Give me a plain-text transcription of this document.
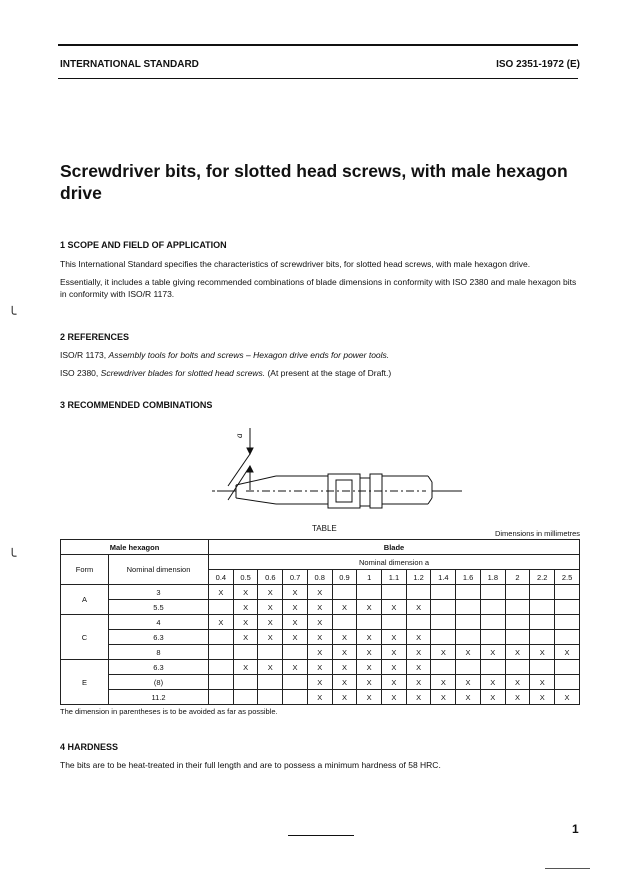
INTERNATIONAL STANDARD	ISO 2351-1972 (E)
Screwdriver bits, for slotted head screws, with male hexagon drive
1 SCOPE AND FIELD OF APPLICATION
This International Standard specifies the characteristics of screwdriver bits, for slotted head screws, with male hexagon drive.
Essentially, it includes a table giving recommended combinations of blade dimensions in conformity with ISO 2380 and male hexagon bits in conformity with ISO/R 1173.
╰
2 REFERENCES
ISO/R 1173, Assembly tools for bolts and screws – Hexagon drive ends for power tools.
ISO 2380, Screwdriver blades for slotted head screws. (At present at the stage of Draft.)
3 RECOMMENDED COMBINATIONS
a
TABLE
Dimensions in millimetres
╰
Male hexagon		Blade														
Form	Nominal dimension	Nominal dimension a														
		0.4	0.5	0.6	0.7	0.8	0.9	1	1.1	1.2	1.4	1.6	1.8	2	2.2	2.5
A	3	X	X	X	X	X										
	5.5		X	X	X	X	X	X	X	X						
C	4	X	X	X	X	X										
	6.3		X	X	X	X	X	X	X	X						
	8					X	X	X	X	X	X	X	X	X	X	X
E	6.3		X	X	X	X	X	X	X	X						
	(8)					X	X	X	X	X	X	X	X	X	X	
	11.2					X	X	X	X	X	X	X	X	X	X	X
The dimension in parentheses is to be avoided as far as possible.
4 HARDNESS
The bits are to be heat-treated in their full length and are to possess a minimum hardness of 58 HRC.
1
